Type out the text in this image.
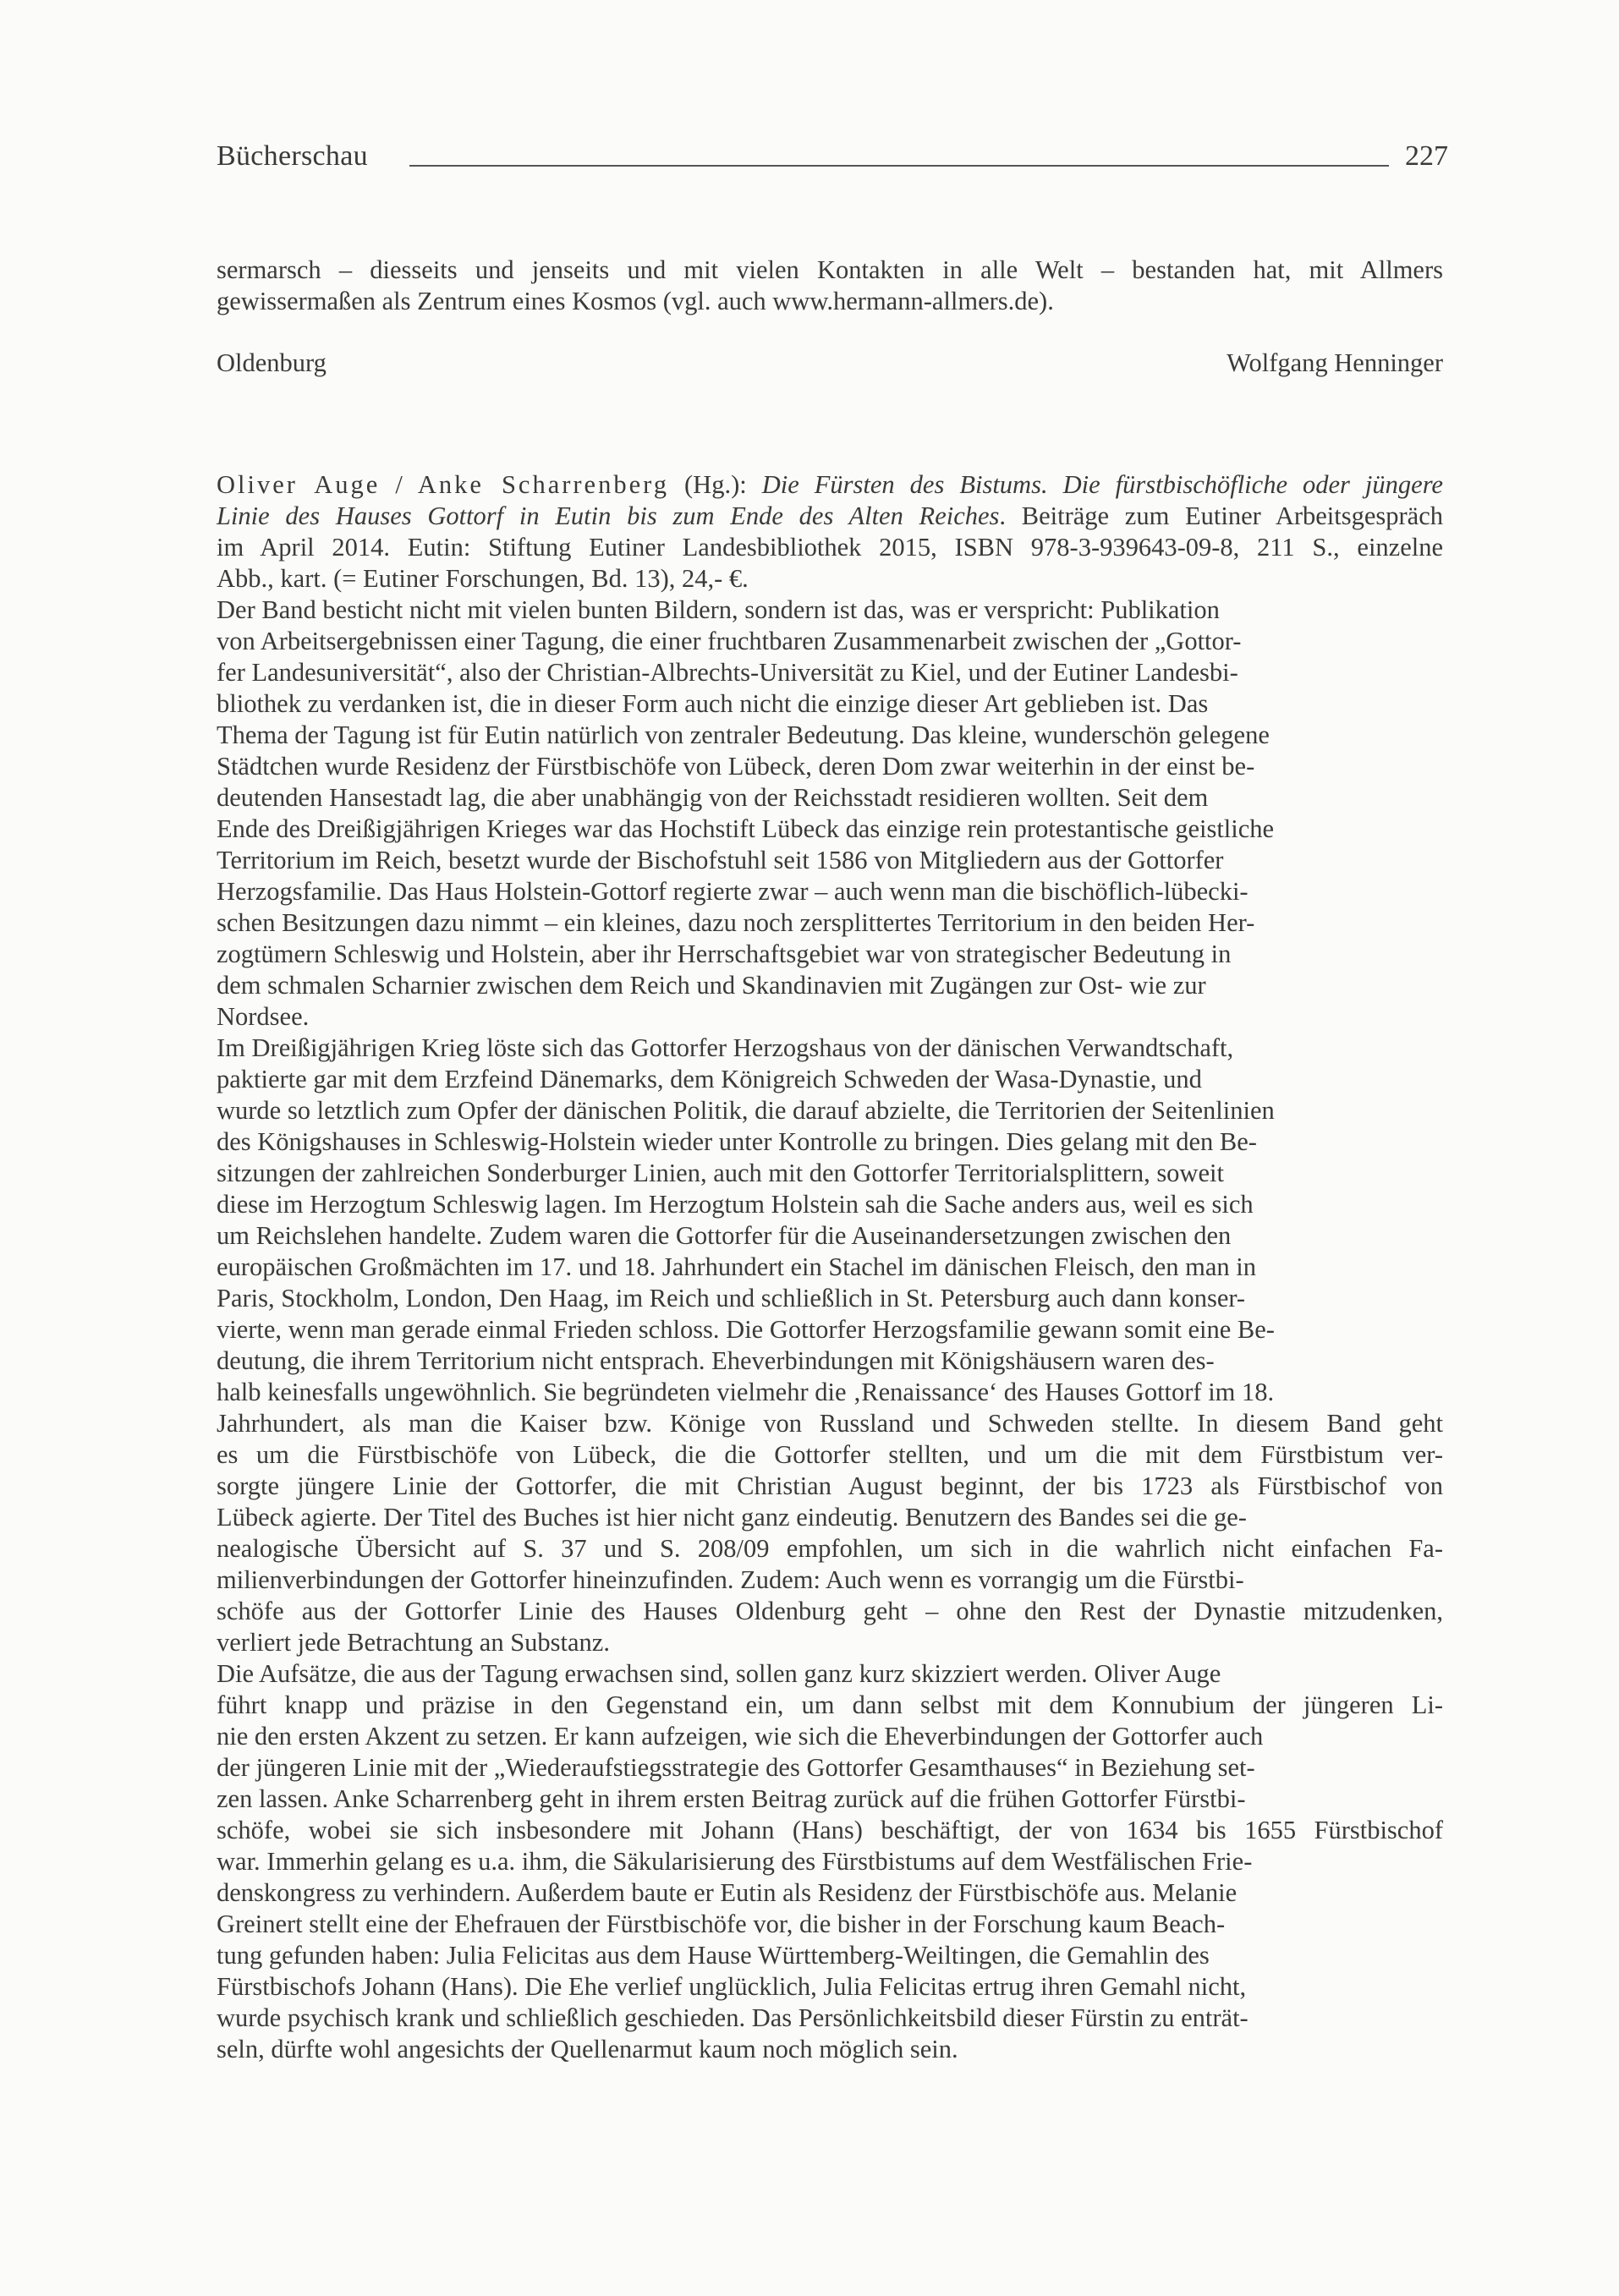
Bücherschau	227
sermarsch – diesseits und jenseits und mit vielen Kontakten in alle Welt – bestanden hat, mit Allmers
gewissermaßen als Zentrum eines Kosmos (vgl. auch www.hermann-allmers.de).
Oldenburg	Wolfgang Henninger
Oliver Auge / Anke Scharrenberg (Hg.): Die Fürsten des Bistums. Die fürstbischöfliche oder jüngere
Linie des Hauses Gottorf in Eutin bis zum Ende des Alten Reiches. Beiträge zum Eutiner Arbeitsgespräch
im April 2014. Eutin: Stiftung Eutiner Landesbibliothek 2015, ISBN 978-3-939643-09-8, 211 S., einzelne
Abb., kart. (= Eutiner Forschungen, Bd. 13), 24,- €.

Der Band besticht nicht mit vielen bunten Bildern, sondern ist das, was er verspricht: Publikation
von Arbeitsergebnissen einer Tagung, die einer fruchtbaren Zusammenarbeit zwischen der „Gottor-
fer Landesuniversität“, also der Christian-Albrechts-Universität zu Kiel, und der Eutiner Landesbi-
bliothek zu verdanken ist, die in dieser Form auch nicht die einzige dieser Art geblieben ist. Das
Thema der Tagung ist für Eutin natürlich von zentraler Bedeutung. Das kleine, wunderschön gelegene
Städtchen wurde Residenz der Fürstbischöfe von Lübeck, deren Dom zwar weiterhin in der einst be-
deutenden Hansestadt lag, die aber unabhängig von der Reichsstadt residieren wollten. Seit dem
Ende des Dreißigjährigen Krieges war das Hochstift Lübeck das einzige rein protestantische geistliche
Territorium im Reich, besetzt wurde der Bischofstuhl seit 1586 von Mitgliedern aus der Gottorfer
Herzogsfamilie. Das Haus Holstein-Gottorf regierte zwar – auch wenn man die bischöflich-lübecki-
schen Besitzungen dazu nimmt – ein kleines, dazu noch zersplittertes Territorium in den beiden Her-
zogtümern Schleswig und Holstein, aber ihr Herrschaftsgebiet war von strategischer Bedeutung in
dem schmalen Scharnier zwischen dem Reich und Skandinavien mit Zugängen zur Ost- wie zur
Nordsee.

Im Dreißigjährigen Krieg löste sich das Gottorfer Herzogshaus von der dänischen Verwandtschaft,
paktierte gar mit dem Erzfeind Dänemarks, dem Königreich Schweden der Wasa-Dynastie, und
wurde so letztlich zum Opfer der dänischen Politik, die darauf abzielte, die Territorien der Seitenlinien
des Königshauses in Schleswig-Holstein wieder unter Kontrolle zu bringen. Dies gelang mit den Be-
sitzungen der zahlreichen Sonderburger Linien, auch mit den Gottorfer Territorialsplittern, soweit
diese im Herzogtum Schleswig lagen. Im Herzogtum Holstein sah die Sache anders aus, weil es sich
um Reichslehen handelte. Zudem waren die Gottorfer für die Auseinandersetzungen zwischen den
europäischen Großmächten im 17. und 18. Jahrhundert ein Stachel im dänischen Fleisch, den man in
Paris, Stockholm, London, Den Haag, im Reich und schließlich in St. Petersburg auch dann konser-
vierte, wenn man gerade einmal Frieden schloss. Die Gottorfer Herzogsfamilie gewann somit eine Be-
deutung, die ihrem Territorium nicht entsprach. Eheverbindungen mit Königshäusern waren des-
halb keinesfalls ungewöhnlich. Sie begründeten vielmehr die ‚Renaissance‘ des Hauses Gottorf im 18.
Jahrhundert, als man die Kaiser bzw. Könige von Russland und Schweden stellte. In diesem Band geht
es um die Fürstbischöfe von Lübeck, die die Gottorfer stellten, und um die mit dem Fürstbistum ver-
sorgte jüngere Linie der Gottorfer, die mit Christian August beginnt, der bis 1723 als Fürstbischof von
Lübeck agierte. Der Titel des Buches ist hier nicht ganz eindeutig. Benutzern des Bandes sei die ge-
nealogische Übersicht auf S. 37 und S. 208/09 empfohlen, um sich in die wahrlich nicht einfachen Fa-
milienverbindungen der Gottorfer hineinzufinden. Zudem: Auch wenn es vorrangig um die Fürstbi-
schöfe aus der Gottorfer Linie des Hauses Oldenburg geht – ohne den Rest der Dynastie mitzudenken,
verliert jede Betrachtung an Substanz.

Die Aufsätze, die aus der Tagung erwachsen sind, sollen ganz kurz skizziert werden. Oliver Auge
führt knapp und präzise in den Gegenstand ein, um dann selbst mit dem Konnubium der jüngeren Li-
nie den ersten Akzent zu setzen. Er kann aufzeigen, wie sich die Eheverbindungen der Gottorfer auch
der jüngeren Linie mit der „Wiederaufstiegsstrategie des Gottorfer Gesamthauses“ in Beziehung set-
zen lassen. Anke Scharrenberg geht in ihrem ersten Beitrag zurück auf die frühen Gottorfer Fürstbi-
schöfe, wobei sie sich insbesondere mit Johann (Hans) beschäftigt, der von 1634 bis 1655 Fürstbischof
war. Immerhin gelang es u.a. ihm, die Säkularisierung des Fürstbistums auf dem Westfälischen Frie-
denskongress zu verhindern. Außerdem baute er Eutin als Residenz der Fürstbischöfe aus. Melanie
Greinert stellt eine der Ehefrauen der Fürstbischöfe vor, die bisher in der Forschung kaum Beach-
tung gefunden haben: Julia Felicitas aus dem Hause Württemberg-Weiltingen, die Gemahlin des
Fürstbischofs Johann (Hans). Die Ehe verlief unglücklich, Julia Felicitas ertrug ihren Gemahl nicht,
wurde psychisch krank und schließlich geschieden. Das Persönlichkeitsbild dieser Fürstin zu enträt-
seln, dürfte wohl angesichts der Quellenarmut kaum noch möglich sein.
